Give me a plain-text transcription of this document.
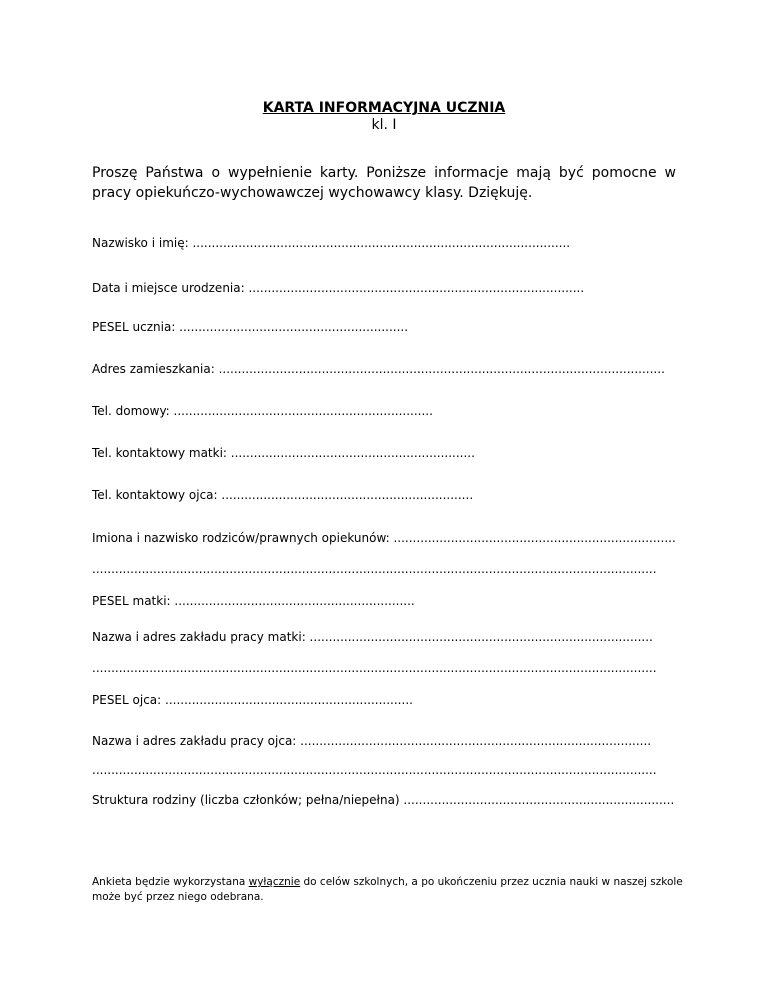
KARTA INFORMACYJNA UCZNIA
kl. I
Proszę Państwa o wypełnienie karty. Poniższe informacje mają być pomocne w pracy opiekuńczo-wychowawczej wychowawcy klasy. Dziękuję.
Nazwisko i imię: ...................................................................................................
Data i miejsce urodzenia: ........................................................................................
PESEL ucznia: ............................................................
Adres zamieszkania: .....................................................................................................................
Tel. domowy: ....................................................................
Tel. kontaktowy matki: ................................................................
Tel. kontaktowy ojca: ..................................................................
Imiona i nazwisko rodziców/prawnych opiekunów: ..........................................................................
....................................................................................................................................................
PESEL matki: ...............................................................
Nazwa i adres zakładu pracy matki: ..........................................................................................
....................................................................................................................................................
PESEL ojca: .................................................................
Nazwa i adres zakładu pracy ojca: ............................................................................................
....................................................................................................................................................
Struktura rodziny (liczba członków; pełna/niepełna) .......................................................................
Ankieta będzie wykorzystana wyłącznie do celów szkolnych, a po ukończeniu przez ucznia nauki w naszej szkole
może być przez niego odebrana.
